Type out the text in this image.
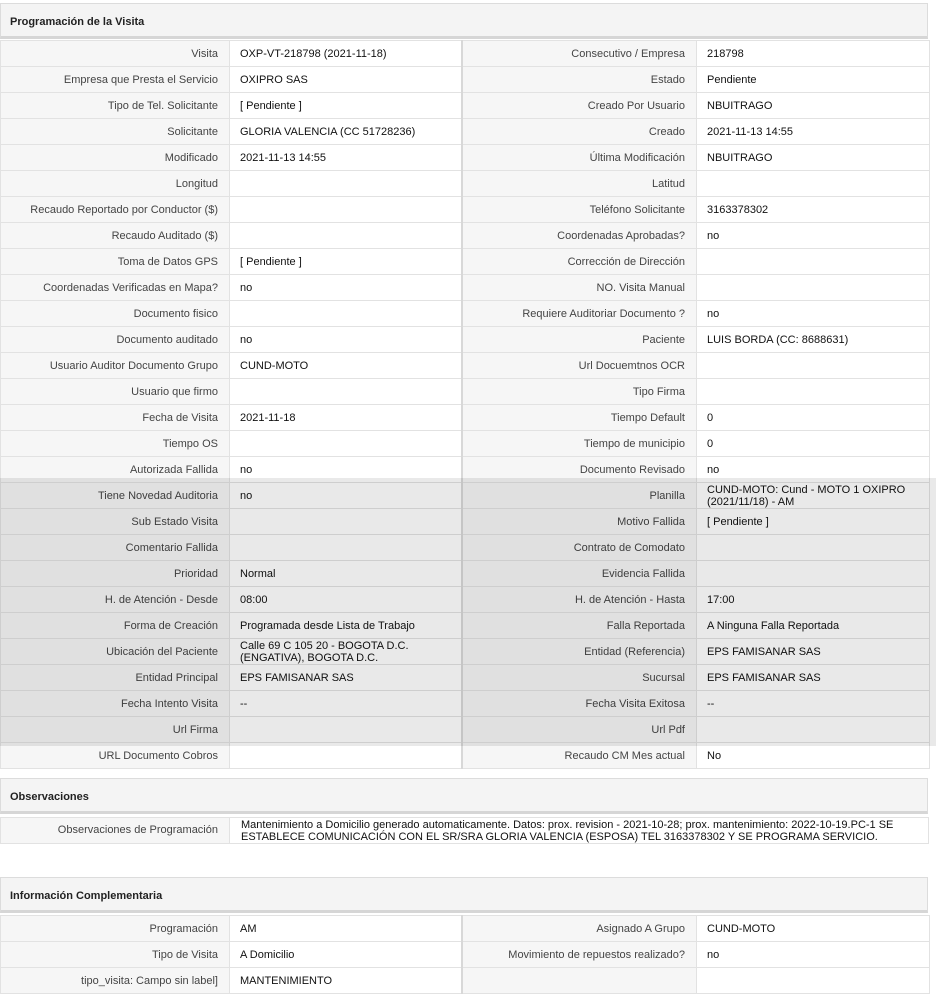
Programación de la Visita
Visita	OXP-VT-218798 (2021-11-18)	Consecutivo / Empresa	218798
Empresa que Presta el Servicio	OXIPRO SAS	Estado	Pendiente
Tipo de Tel. Solicitante	[ Pendiente ]	Creado Por Usuario	NBUITRAGO
Solicitante	GLORIA VALENCIA (CC 51728236)	Creado	2021-11-13 14:55
Modificado	2021-11-13 14:55	Última Modificación	NBUITRAGO
Longitud		Latitud	
Recaudo Reportado por Conductor ($)		Teléfono Solicitante	3163378302
Recaudo Auditado ($)		Coordenadas Aprobadas?	no
Toma de Datos GPS	[ Pendiente ]	Corrección de Dirección	
Coordenadas Verificadas en Mapa?	no	NO. Visita Manual	
Documento fisico		Requiere Auditoriar Documento ?	no
Documento auditado	no	Paciente	LUIS BORDA (CC: 8688631)
Usuario Auditor Documento Grupo	CUND-MOTO	Url Docuemtnos OCR	
Usuario que firmo		Tipo Firma	
Fecha de Visita	2021-11-18	Tiempo Default	0
Tiempo OS		Tiempo de municipio	0
Autorizada Fallida	no	Documento Revisado	no
Tiene Novedad Auditoria	no	Planilla	CUND-MOTO: Cund - MOTO 1 OXIPRO (2021/11/18) - AM
Sub Estado Visita		Motivo Fallida	[ Pendiente ]
Comentario Fallida		Contrato de Comodato	
Prioridad	Normal	Evidencia Fallida	
H. de Atención - Desde	08:00	H. de Atención - Hasta	17:00
Forma de Creación	Programada desde Lista de Trabajo	Falla Reportada	A Ninguna Falla Reportada
Ubicación del Paciente	Calle 69 C 105 20 - BOGOTA D.C. (ENGATIVA), BOGOTA D.C.	Entidad (Referencia)	EPS FAMISANAR SAS
Entidad Principal	EPS FAMISANAR SAS	Sucursal	EPS FAMISANAR SAS
Fecha Intento Visita	--	Fecha Visita Exitosa	--
Url Firma		Url Pdf	
URL Documento Cobros		Recaudo CM Mes actual	No
Observaciones
Observaciones de Programación	Mantenimiento a Domicilio generado automaticamente. Datos: prox. revision - 2021-10-28; prox. mantenimiento: 2022-10-19.PC-1 SE ESTABLECE COMUNICACIÓN CON EL SR/SRA GLORIA VALENCIA (ESPOSA) TEL 3163378302 Y SE PROGRAMA SERVICIO.
Información Complementaria
Programación	AM	Asignado A Grupo	CUND-MOTO
Tipo de Visita	A Domicilio	Movimiento de repuestos realizado?	no
tipo_visita: Campo sin label]	MANTENIMIENTO		
